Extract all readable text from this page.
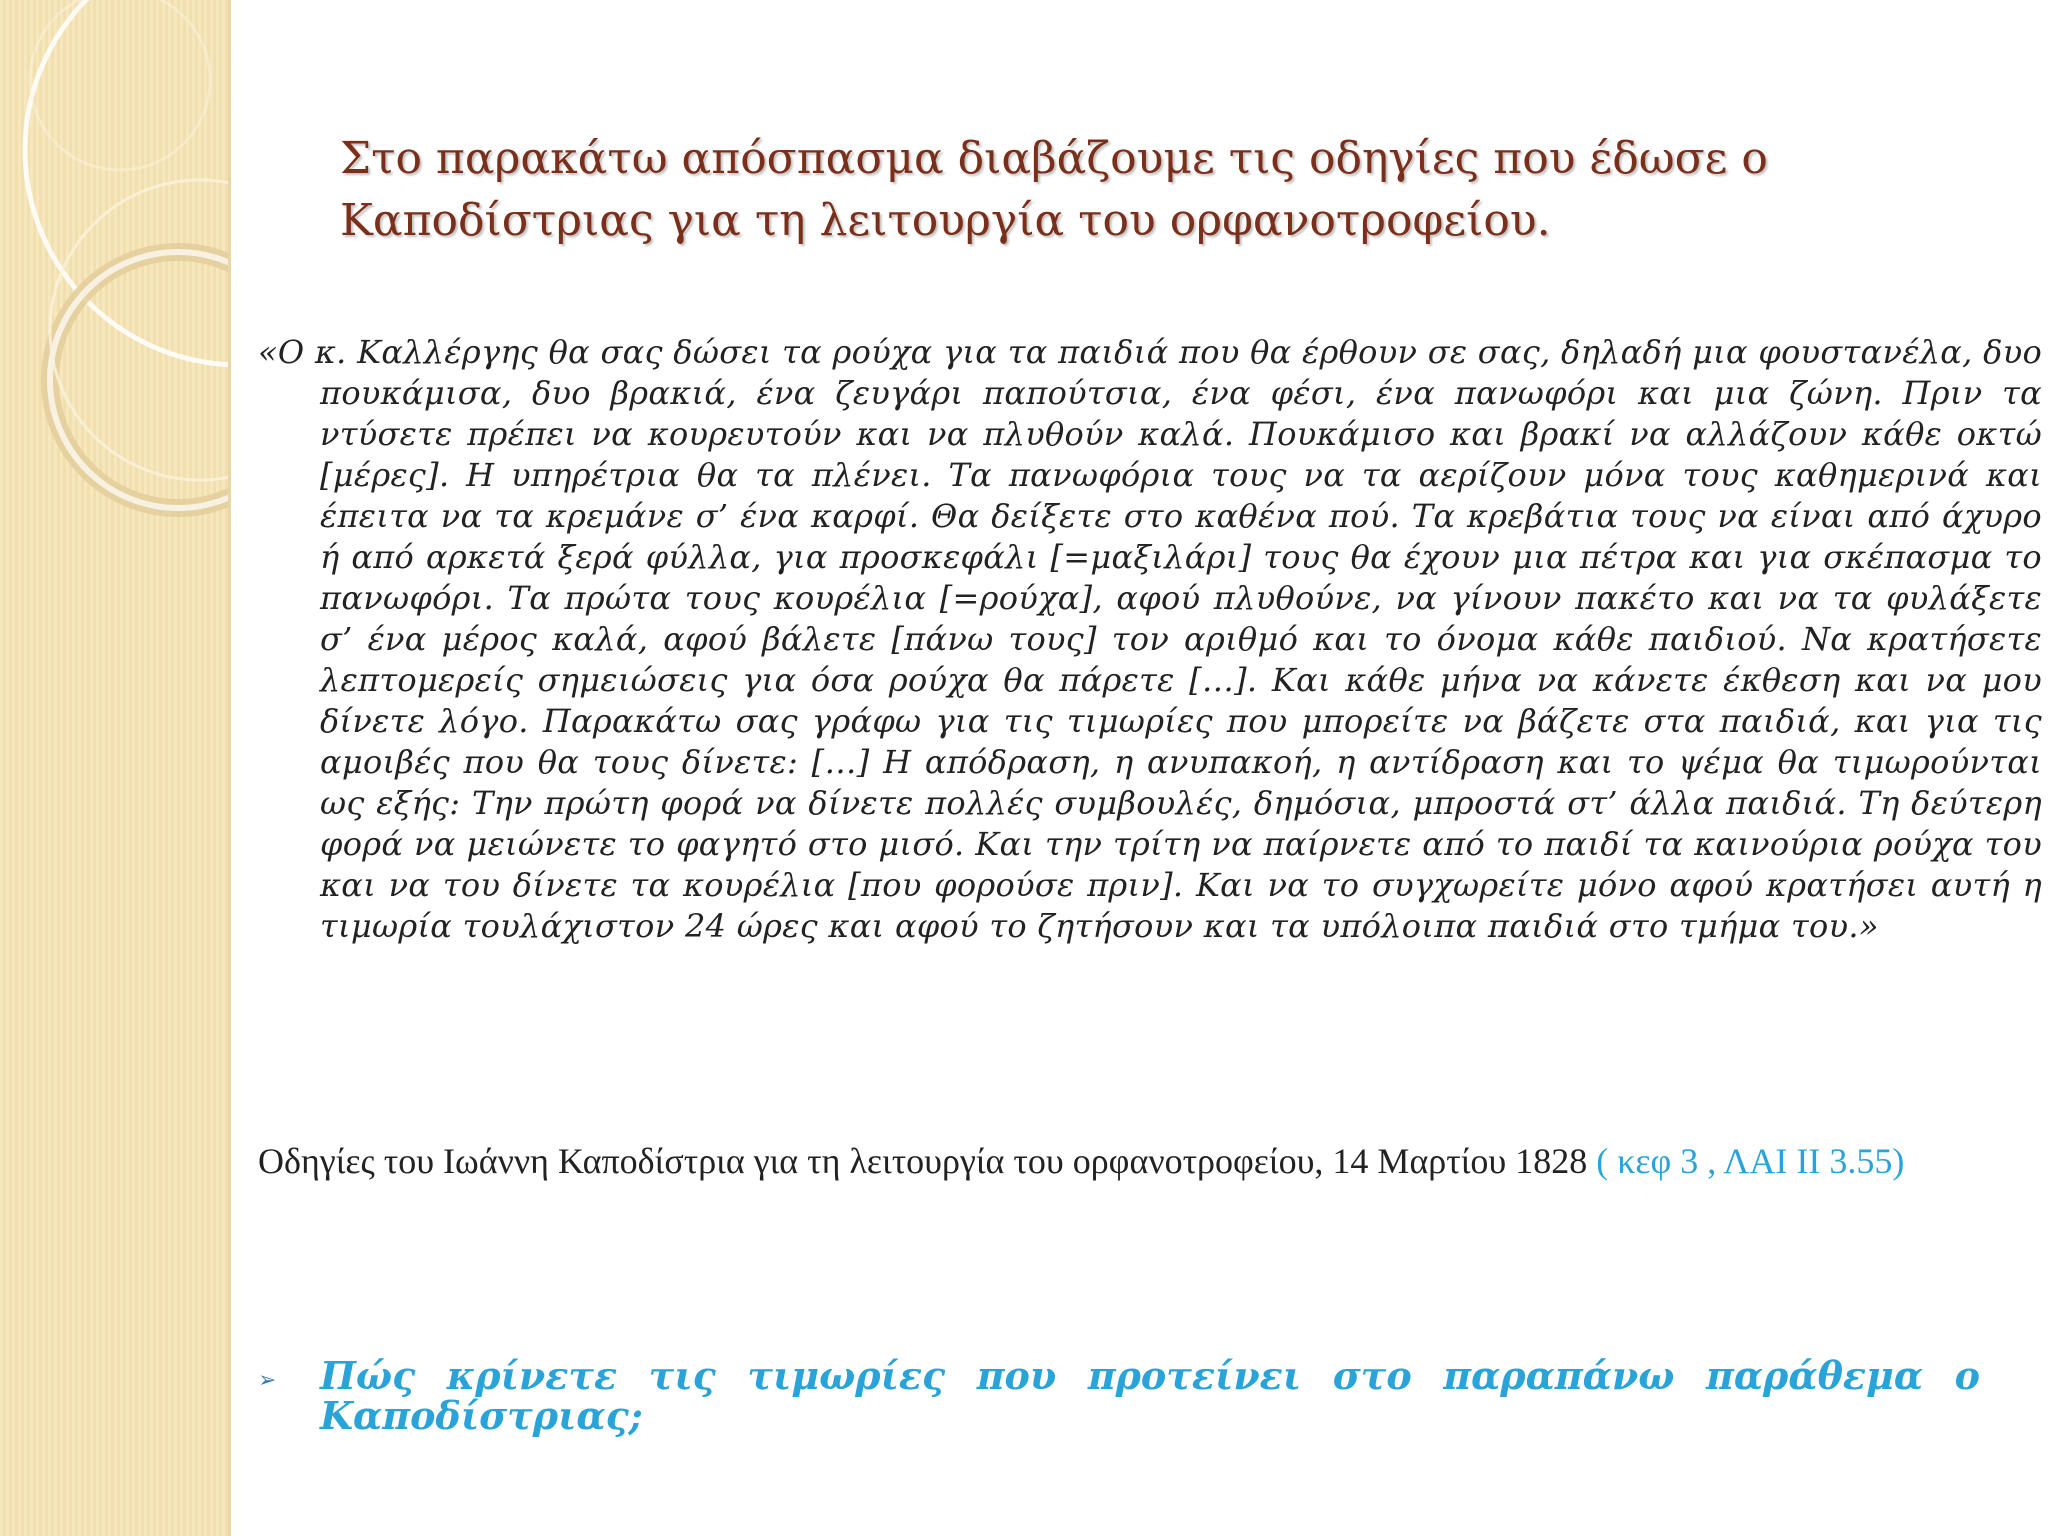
Στο παρακάτω απόσπασμα διαβάζουμε τις οδηγίες που έδωσε ο
Καποδίστριας για τη λειτουργία του ορφανοτροφείου.

«Ο κ. Καλλέργης θα σας δώσει τα ρούχα για τα παιδιά που θα έρθουν σε σας, δηλαδή μια φουστανέλα, δυο πουκάμισα, δυο βρακιά, ένα ζευγάρι παπούτσια, ένα φέσι, ένα πανωφόρι και μια ζώνη. Πριν τα ντύσετε πρέπει να κουρευτούν και να πλυθούν καλά. Πουκάμισο και βρακί να αλλάζουν κάθε οκτώ [μέρες]. Η υπηρέτρια θα τα πλένει. Τα πανωφόρια τους να τα αερίζουν μόνα τους καθημερινά και έπειτα να τα κρεμάνε σ’ ένα καρφί. Θα δείξετε στο καθένα πού. Τα κρεβάτια τους να είναι από άχυρο ή από αρκετά ξερά φύλλα, για προσκεφάλι [=μαξιλάρι] τους θα έχουν μια πέτρα και για σκέπασμα το πανωφόρι. Τα πρώτα τους κουρέλια [=ρούχα], αφού πλυθούνε, να γίνουν πακέτο και να τα φυλάξετε σ’ ένα μέρος καλά, αφού βάλετε [πάνω τους] τον αριθμό και το όνομα κάθε παιδιού. Να κρατήσετε λεπτομερείς σημειώσεις για όσα ρούχα θα πάρετε […]. Και κάθε μήνα να κάνετε έκθεση και να μου δίνετε λόγο. Παρακάτω σας γράφω για τις τιμωρίες που μπορείτε να βάζετε στα παιδιά, και για τις αμοιβές που θα τους δίνετε: […] Η απόδραση, η ανυπακοή, η αντίδραση και το ψέμα θα τιμωρούνται ως εξής: Την πρώτη φορά να δίνετε πολλές συμβουλές, δημόσια, μπροστά στ’ άλλα παιδιά. Τη δεύτερη φορά να μειώνετε το φαγητό στο μισό. Και την τρίτη να παίρνετε από το παιδί τα καινούρια ρούχα του και να του δίνετε τα κουρέλια [που φορούσε πριν]. Και να το συγχωρείτε μόνο αφού κρατήσει αυτή η τιμωρία τουλάχιστον 24 ώρες και αφού το ζητήσουν και τα υπόλοιπα παιδιά στο τμήμα του.»

Οδηγίες του Ιωάννη Καποδίστρια για τη λειτουργία του ορφανοτροφείου, 14 Μαρτίου 1828 ( κεφ 3 , ΛΑΙ ΙΙ 3.55)

➢	Πώς κρίνετε τις τιμωρίες που προτείνει στο παραπάνω παράθεμα ο Καποδίστριας;
